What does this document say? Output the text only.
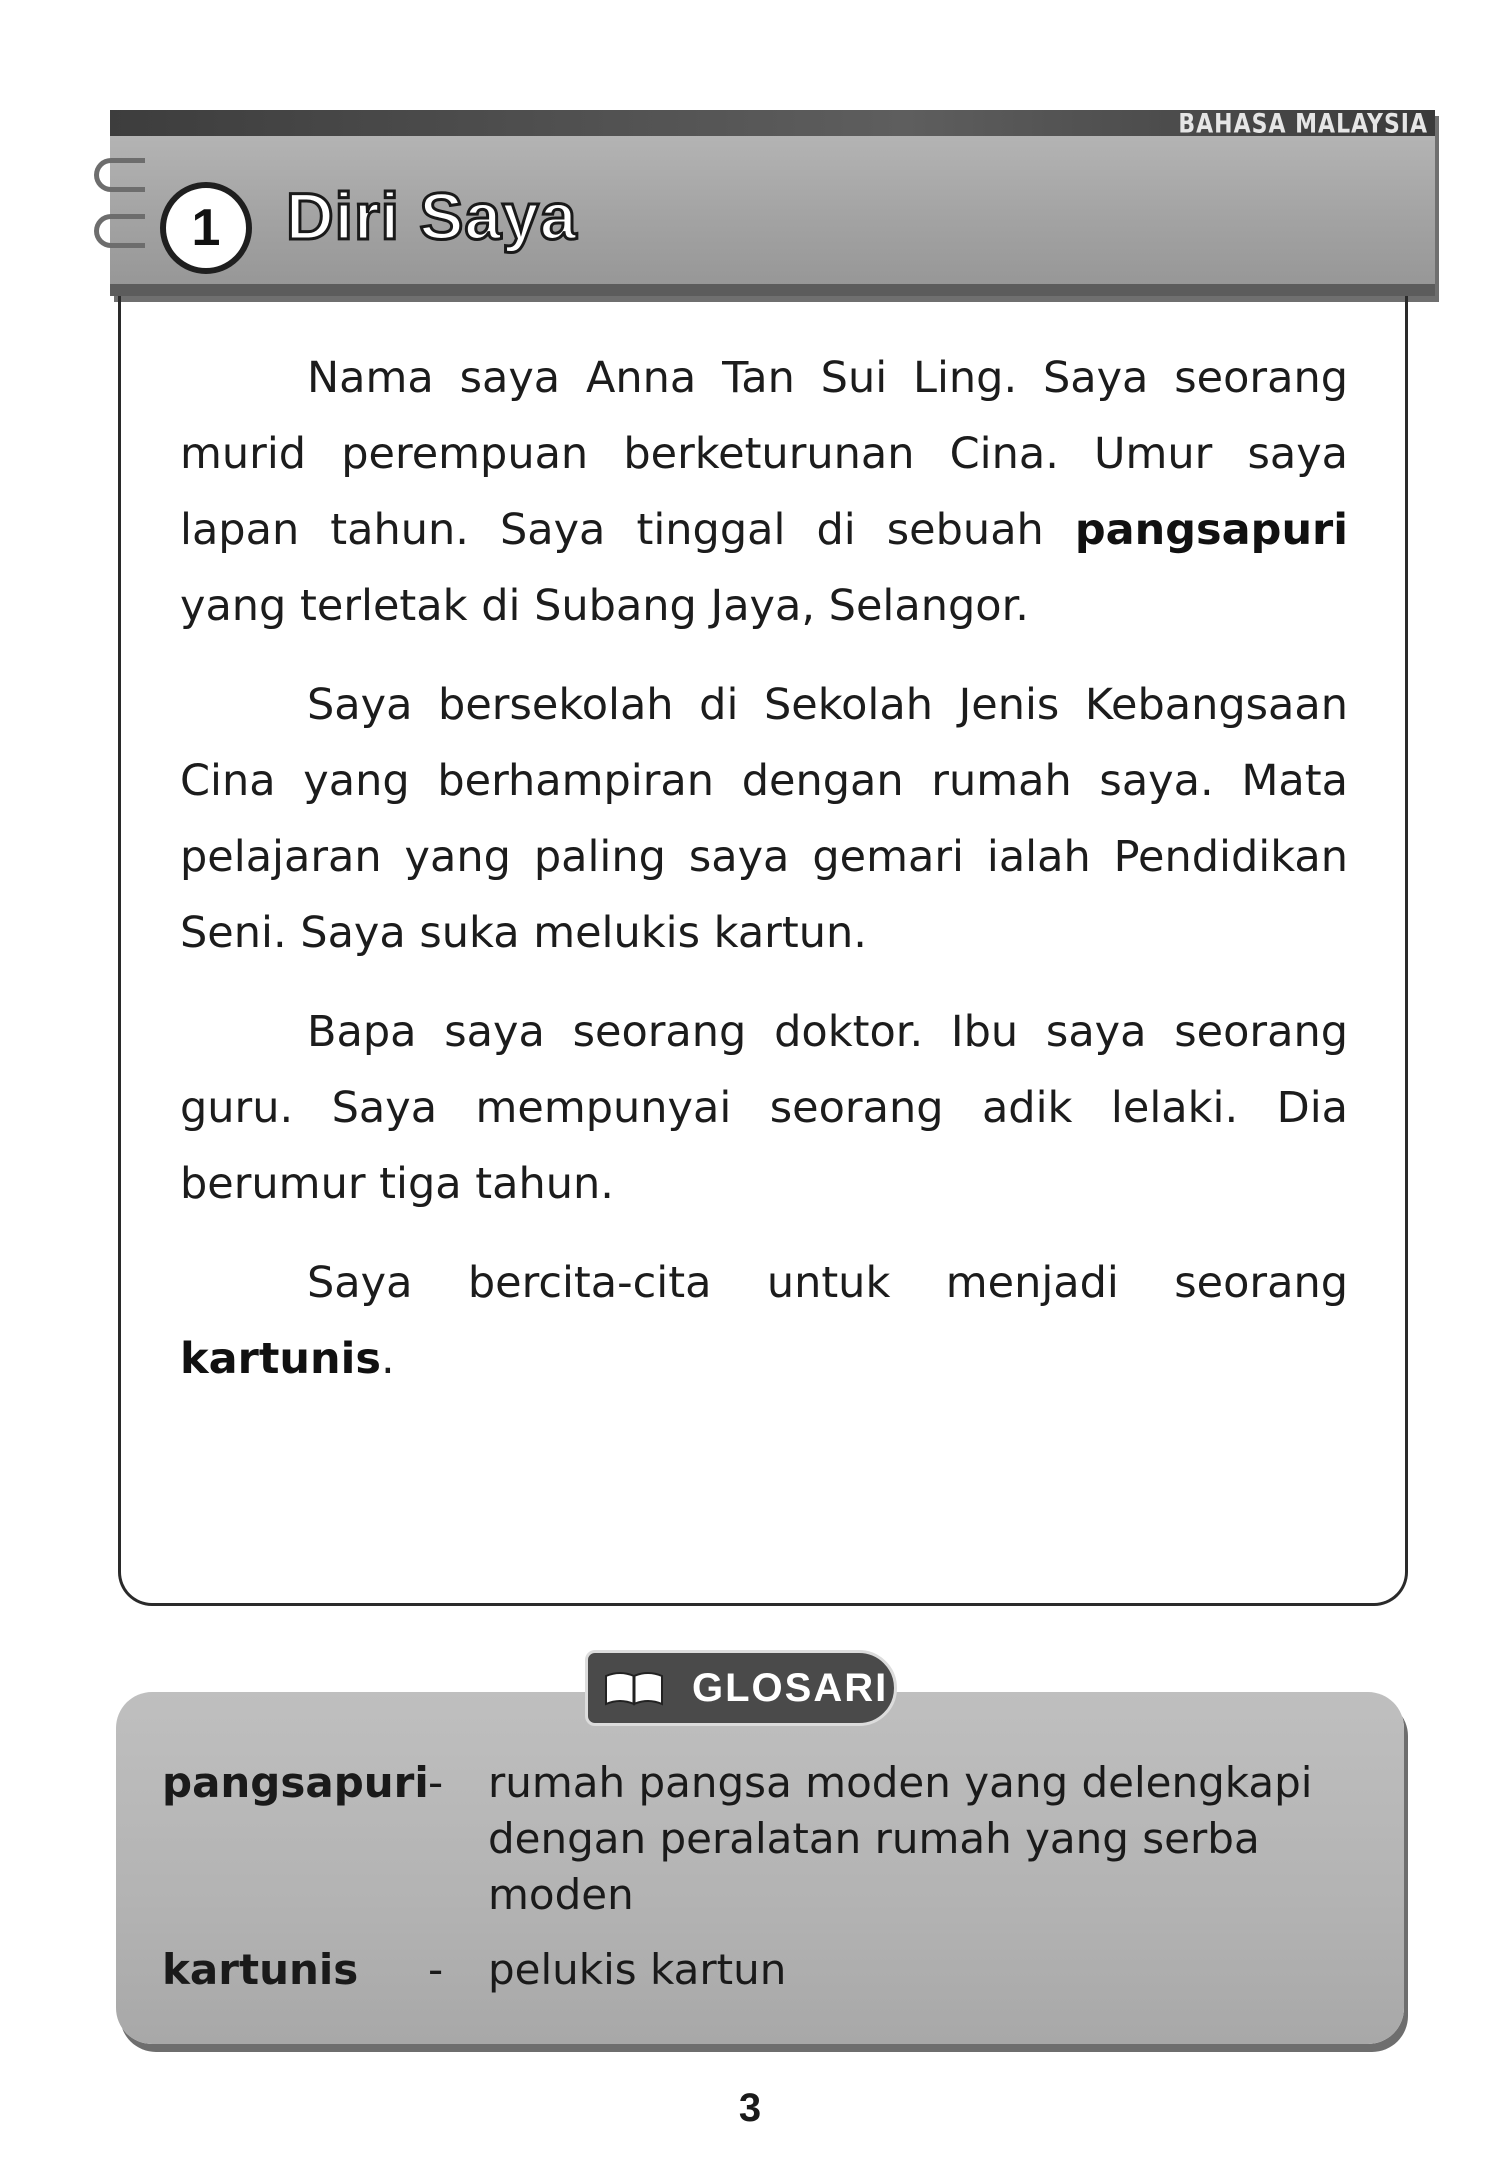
BAHASA MALAYSIA
1 Diri Saya

Nama saya Anna Tan Sui Ling. Saya seorang murid perempuan berketurunan Cina. Umur saya lapan tahun. Saya tinggal di sebuah pangsapuri yang terletak di Subang Jaya, Selangor.

Saya bersekolah di Sekolah Jenis Kebangsaan Cina yang berhampiran dengan rumah saya. Mata pelajaran yang paling saya gemari ialah Pendidikan Seni. Saya suka melukis kartun.

Bapa saya seorang doktor. Ibu saya seorang guru. Saya mempunyai seorang adik lelaki. Dia berumur tiga tahun.

Saya bercita-cita untuk menjadi seorang kartunis.

GLOSARI
pangsapuri - rumah pangsa moden yang delengkapi dengan peralatan rumah yang serba moden
kartunis - pelukis kartun
3
